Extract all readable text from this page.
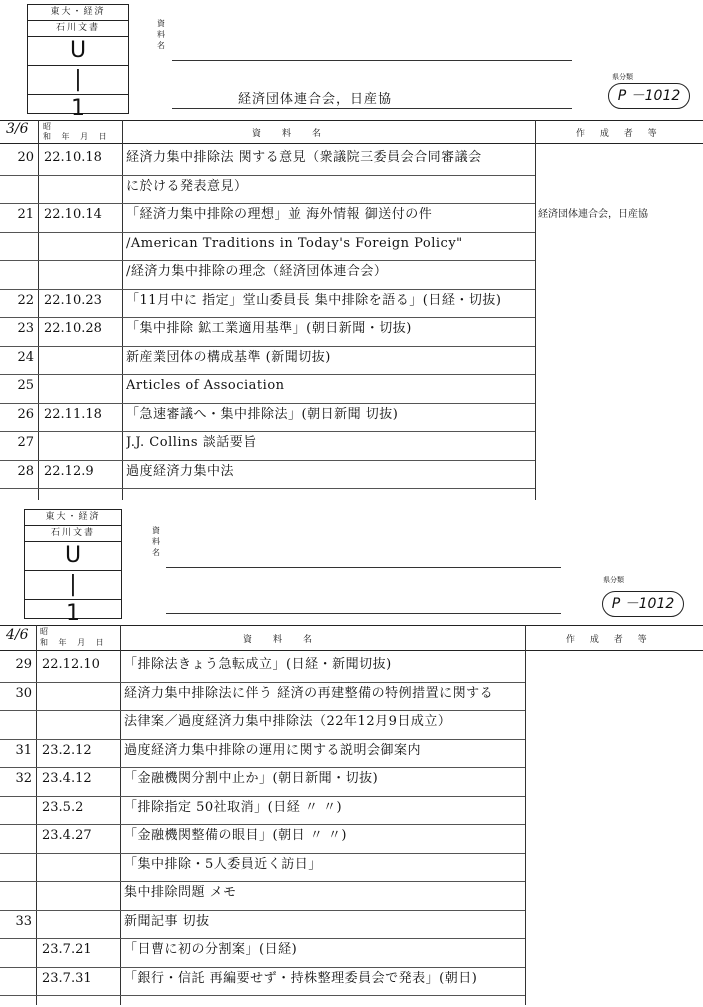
東大・経済
石川文書
U
|
1
資
料
名
経済団体連合会，日産協
県分類
P －1012
3/6 昭
和 年 月 日	資　料　名	作 成 者 等
20 22.10.18 経済力集中排除法 関する意見（衆議院三委員会合同審議会
に於ける発表意見）
21 22.10.14 「経済力集中排除の理想」並 海外情報 御送付の件	経済団体連合会，日産協
/American Traditions in Today's Foreign Policy"
/経済力集中排除の理念（経済団体連合会）
22 22.10.23 「11月中に 指定」堂山委員長 集中排除を語る」(日経・切抜)
23 22.10.28 「集中排除 鉱工業適用基準」(朝日新聞・切抜)
24	新産業団体の構成基準 (新聞切抜)
25	Articles of Association
26 22.11.18 「急速審議へ・集中排除法」(朝日新聞 切抜)
27	J.J. Collins 談話要旨
28 22.12.9 過度経済力集中法
東大・経済
石川文書
U
|
1
資
料
名
県分類
P －1012
4/6 昭
和 年 月 日	資　料　名	作 成 者 等
29 22.12.10 「排除法きょう急転成立」(日経・新聞切抜)
30	経済力集中排除法に伴う 経済の再建整備の特例措置に関する
法律案／過度経済力集中排除法（22年12月9日成立）
31 23.2.12 過度経済力集中排除の運用に関する説明会御案内
32 23.4.12 「金融機関分割中止か」(朝日新聞・切抜)
23.5.2	「排除指定 50社取消」(日経 〃 〃)
23.4.27 「金融機関整備の眼目」(朝日 〃 〃)
「集中排除・5人委員近く訪日」
集中排除問題 メモ
33	新聞記事 切抜
23.7.21 「日曹に初の分割案」(日経)
23.7.31 「銀行・信託 再編要せず・持株整理委員会で発表」(朝日)
